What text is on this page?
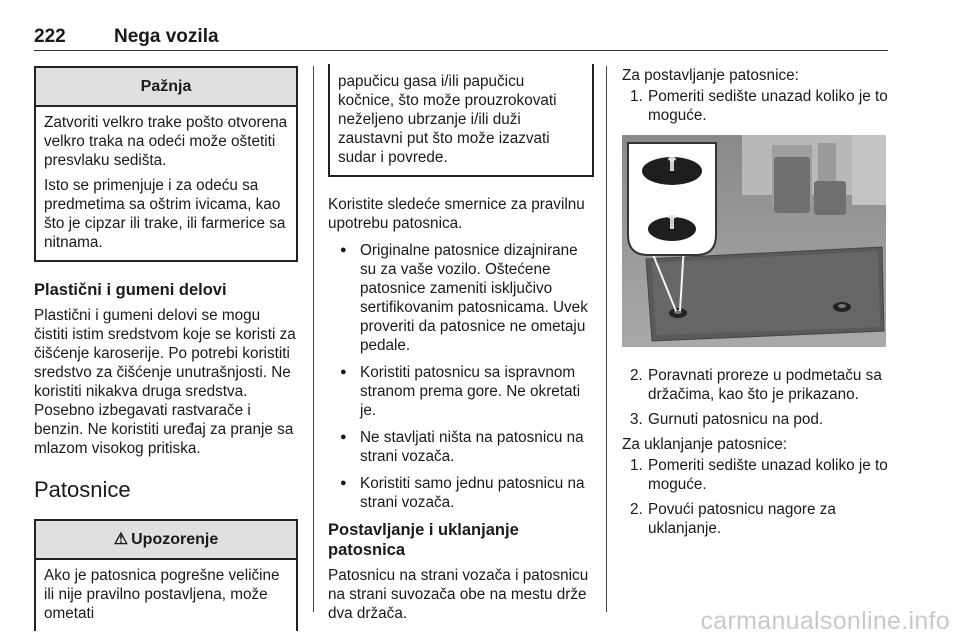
222	Nega vozila
Pažnja

Zatvoriti velkro trake pošto otvorena velkro traka na odeći može oštetiti presvlaku sedišta.

Isto se primenjuje i za odeću sa predmetima sa oštrim ivicama, kao što je cipzar ili trake, ili farmerice sa nitnama.

Plastični i gumeni delovi

Plastični i gumeni delovi se mogu čistiti istim sredstvom koje se koristi za čišćenje karoserije. Po potrebi koristiti sredstvo za čišćenje unutrašnjosti. Ne koristiti nikakva druga sredstva. Posebno izbegavati rastvarače i benzin. Ne koristiti uređaj za pranje sa mlazom visokog pritiska.

Patosnice
⚠ Upozorenje

Ako je patosnica pogrešne veličine ili nije pravilno postavljena, može ometati

papučicu gasa i/ili papučicu kočnice, što može prouzrokovati neželjeno ubrzanje i/ili duži zaustavni put što može izazvati sudar i povrede.

Koristite sledeće smernice za pravilnu upotrebu patosnica.

● Originalne patosnice dizajnirane su za vaše vozilo. Oštećene patosnice zameniti isključivo sertifikovanim patosnicama. Uvek proveriti da patosnice ne ometaju pedale.
● Koristiti patosnicu sa ispravnom stranom prema gore. Ne okretati je.
● Ne stavljati ništa na patosnicu na strani vozača.
● Koristiti samo jednu patosnicu na strani vozača.
Postavljanje i uklanjanje patosnica

Patosnicu na strani vozača i patosnicu na strani suvozača obe na mestu drže dva držača.

Za postavljanje patosnice:

1. Pomeriti sedište unazad koliko je to moguće.
2. Poravnati proreze u podmetaču sa držačima, kao što je prikazano.
3. Gurnuti patosnicu na pod.

Za uklanjanje patosnice:

1. Pomeriti sedište unazad koliko je to moguće.
2. Povući patosnicu nagore za uklanjanje.
carmanualsonline.info
